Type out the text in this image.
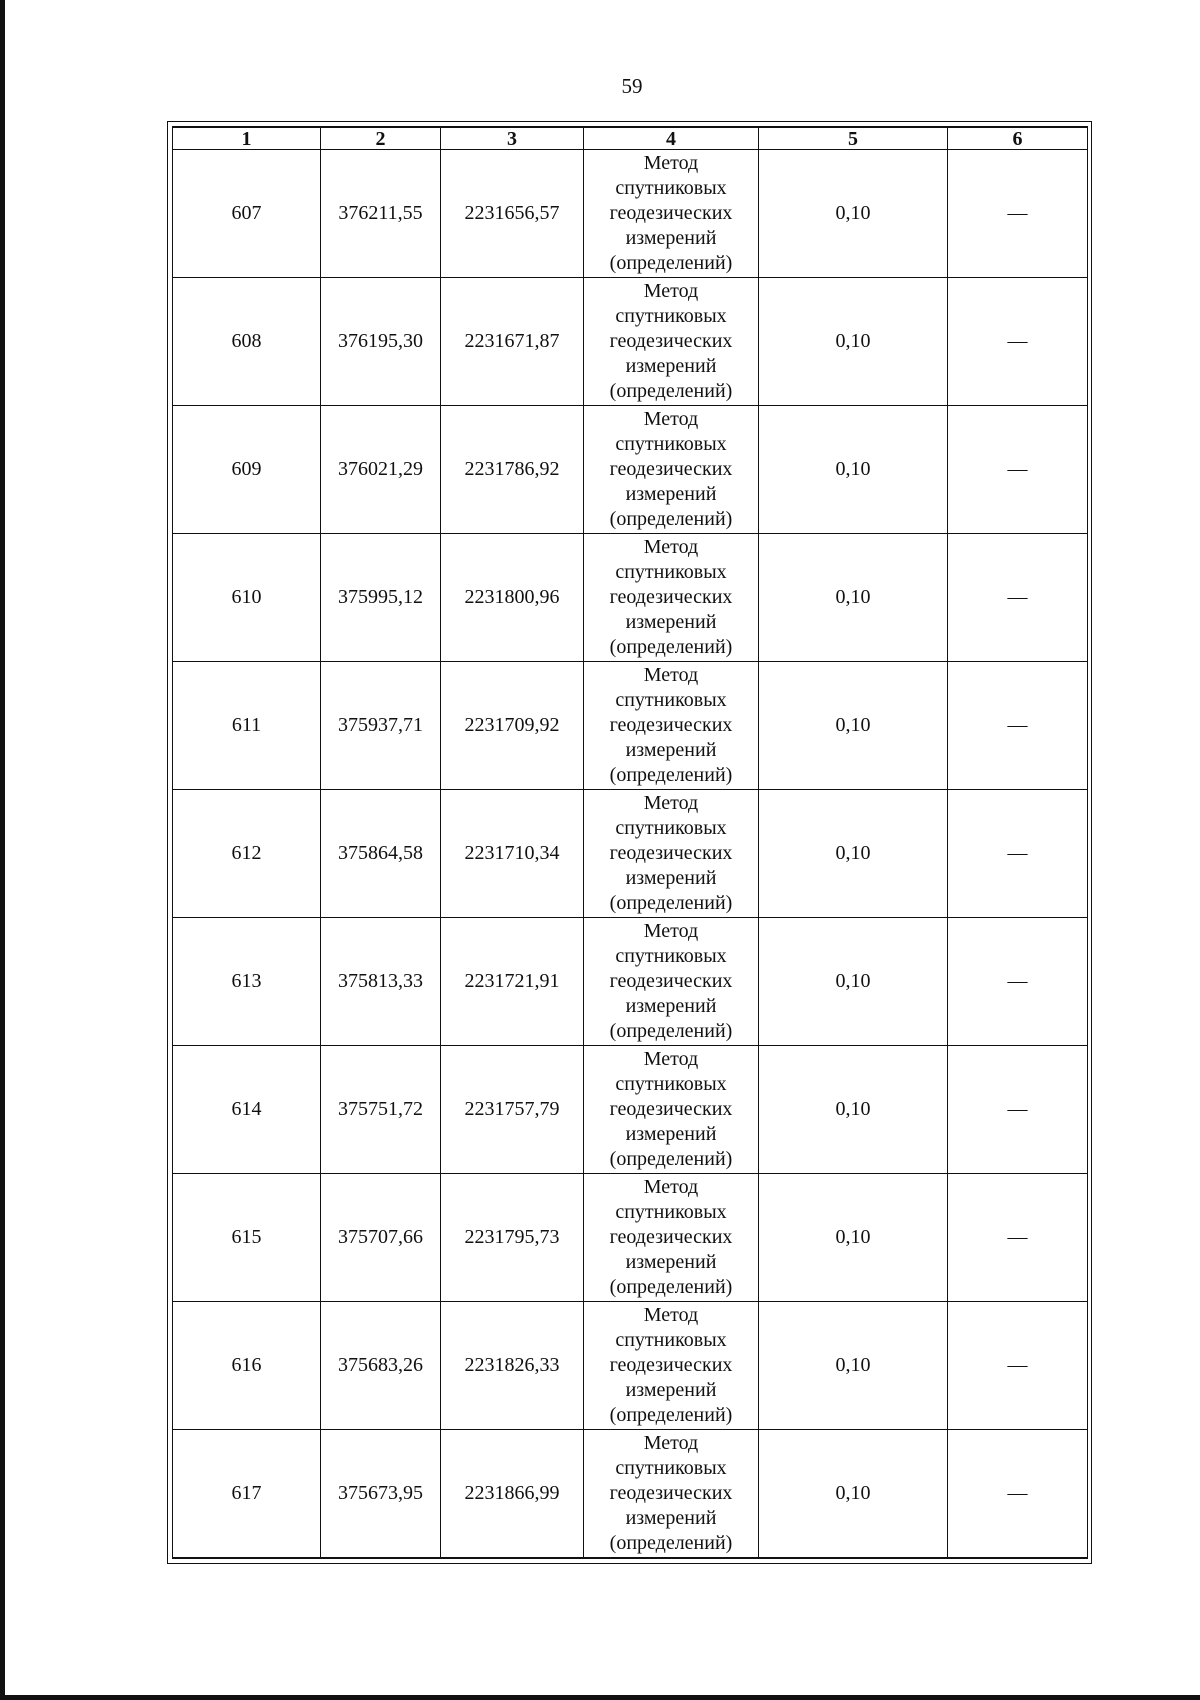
59
1	2	3	4	5	6
607	376211,55	2231656,57	Метод
спутниковых
геодезических
измерений
(определений)	0,10	—
608	376195,30	2231671,87	Метод
спутниковых
геодезических
измерений
(определений)	0,10	—
609	376021,29	2231786,92	Метод
спутниковых
геодезических
измерений
(определений)	0,10	—
610	375995,12	2231800,96	Метод
спутниковых
геодезических
измерений
(определений)	0,10	—
611	375937,71	2231709,92	Метод
спутниковых
геодезических
измерений
(определений)	0,10	—
612	375864,58	2231710,34	Метод
спутниковых
геодезических
измерений
(определений)	0,10	—
613	375813,33	2231721,91	Метод
спутниковых
геодезических
измерений
(определений)	0,10	—
614	375751,72	2231757,79	Метод
спутниковых
геодезических
измерений
(определений)	0,10	—
615	375707,66	2231795,73	Метод
спутниковых
геодезических
измерений
(определений)	0,10	—
616	375683,26	2231826,33	Метод
спутниковых
геодезических
измерений
(определений)	0,10	—
617	375673,95	2231866,99	Метод
спутниковых
геодезических
измерений
(определений)	0,10	—
